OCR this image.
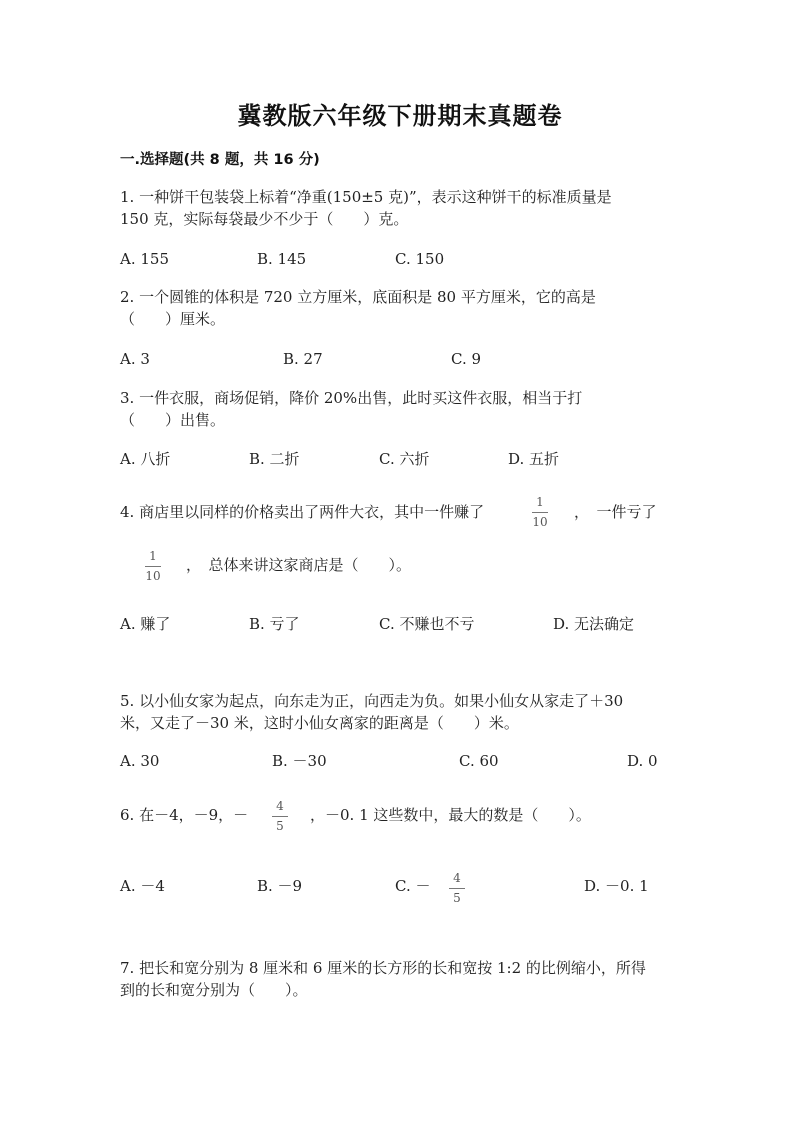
冀教版六年级下册期末真题卷
一.选择题(共 8 题，共 16 分)
1. 一种饼干包装袋上标着“净重(150±5 克)”，表示这种饼干的标准质量是
150 克，实际每袋最少不少于（　　）克。
A. 155	B. 145	C. 150
2. 一个圆锥的体积是 720 立方厘米，底面积是 80 平方厘米，它的高是
（　　）厘米。
A. 3	B. 27	C. 9
3. 一件衣服，商场促销，降价 20%出售，此时买这件衣服，相当于打
（　　）出售。
A. 八折	B. 二折	C. 六折	D. 五折
4. 商店里以同样的价格卖出了两件大衣，其中一件赚了
1
10
，　一件亏了
1
10
，　总体来讲这家商店是（　　）。
A. 赚了	B. 亏了	C. 不赚也不亏	D. 无法确定
5. 以小仙女家为起点，向东走为正，向西走为负。如果小仙女从家走了＋30
米，又走了－30 米，这时小仙女离家的距离是（　　）米。
A. 30	B. －30	C. 60	D. 0
6. 在－4，－9，－ 4
5
，－0. 1 这些数中，最大的数是（　　）。
A. －4	B. －9	C. － 4
5
D. －0. 1
7. 把长和宽分别为 8 厘米和 6 厘米的长方形的长和宽按 1:2 的比例缩小，所得
到的长和宽分别为（　　）。
